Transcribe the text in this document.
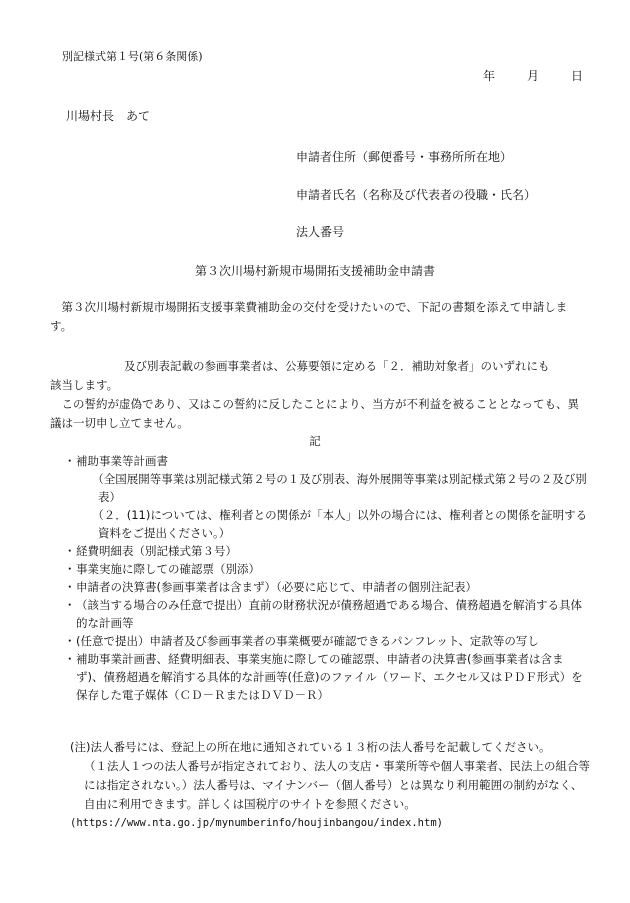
別記様式第１号(第６条関係)
年	月	日
川場村長　あて
申請者住所（郵便番号・事務所所在地）
申請者氏名（名称及び代表者の役職・氏名）
法人番号
第３次川場村新規市場開拓支援補助金申請書
第３次川場村新規市場開拓支援事業費補助金の交付を受けたいので、下記の書類を添えて申請します。
及び別表記載の参画事業者は、公募要領に定める「２．補助対象者」のいずれにも
該当します。
この誓約が虚偽であり、又はこの誓約に反したことにより、当方が不利益を被ることとなっても、異議は一切申し立てません。
記
・ 補助事業等計画書
（全国展開等事業は別記様式第２号の１及び別表、海外展開等事業は別記様式第２号の２及び別表）
（２．(11)については、権利者との関係が「本人」以外の場合には、権利者との関係を証明する資料をご提出ください。）
・ 経費明細表（別記様式第３号）
・ 事業実施に際しての確認票（別添）
・ 申請者の決算書(参画事業者は含まず）（必要に応じて、申請者の個別注記表）
・ （該当する場合のみ任意で提出）直前の財務状況が債務超過である場合、債務超過を解消する具体的な計画等
・ (任意で提出）申請者及び参画事業者の事業概要が確認できるパンフレット、定款等の写し
・ 補助事業計画書、経費明細表、事業実施に際しての確認票、申請者の決算書(参画事業者は含まず)、債務超過を解消する具体的な計画等(任意)のファイル（ワード、エクセル又はＰＤＦ形式）を保存した電子媒体（ＣＤ－ＲまたはＤＶＤ－Ｒ）
(注)法人番号には、登記上の所在地に通知されている１３桁の法人番号を記載してください。
（１法人１つの法人番号が指定されており、法人の支店・事業所等や個人事業者、民法上の組合等には指定されない。）法人番号は、マイナンバー（個人番号）とは異なり利用範囲の制約がなく、自由に利用できます。詳しくは国税庁のサイトを参照ください。
(https://www.nta.go.jp/mynumberinfo/houjinbangou/index.htm)
